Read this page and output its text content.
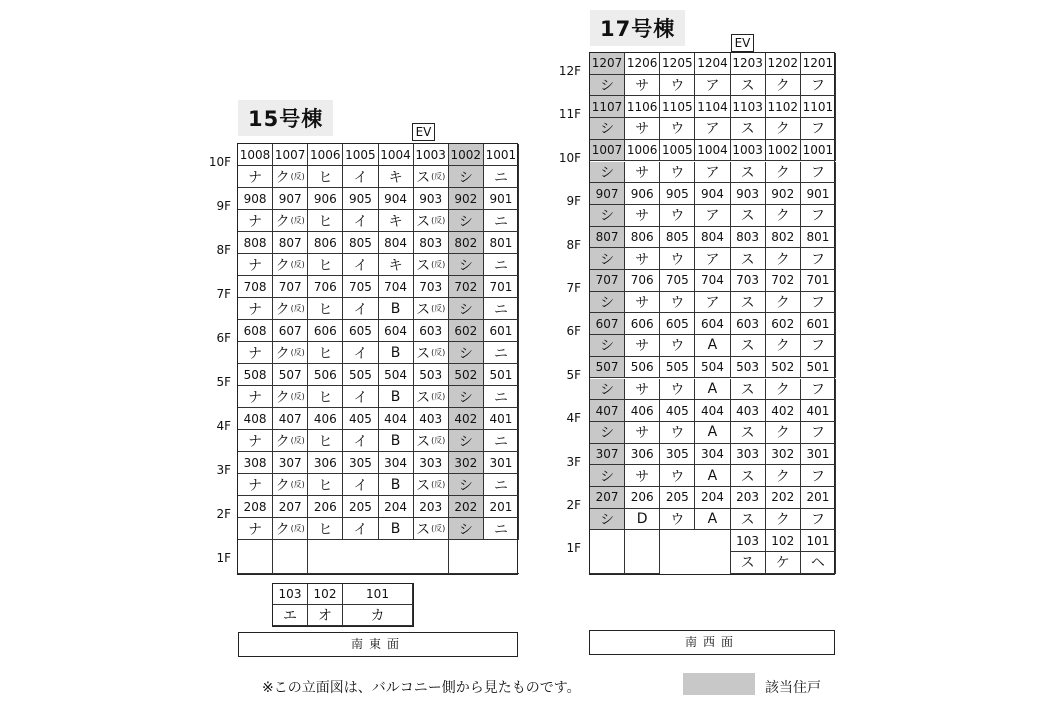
15号棟
EV
1008
ナ
1007
ク (反)
1006
ヒ
1005
イ
1004
キ
1003
ス (反)
1002
シ
1001
ニ
908
ナ
907
ク (反)
906
ヒ
905
イ
904
キ
903
ス (反)
902
シ
901
ニ
808
ナ
807
ク (反)
806
ヒ
805
イ
804
キ
803
ス (反)
802
シ
801
ニ
708
ナ
707
ク (反)
706
ヒ
705
イ
704
B
703
ス (反)
702
シ
701
ニ
608
ナ
607
ク (反)
606
ヒ
605
イ
604
B
603
ス (反)
602
シ
601
ニ
508
ナ
507
ク (反)
506
ヒ
505
イ
504
B
503
ス (反)
502
シ
501
ニ
408
ナ
407
ク (反)
406
ヒ
405
イ
404
B
403
ス (反)
402
シ
401
ニ
308
ナ
307
ク (反)
306
ヒ
305
イ
304
B
303
ス (反)
302
シ
301
ニ
208
ナ
207
ク (反)
206
ヒ
205
イ
204
B
203
ス (反)
202
シ
201
ニ
南東面
17号棟
EV
1207
シ
1206
サ
1205
ウ
1204
ア
1203
ス
1202
ク
1201
フ
1107
シ
1106
サ
1105
ウ
1104
ア
1103
ス
1102
ク
1101
フ
1007
シ
1006
サ
1005
ウ
1004
ア
1003
ス
1002
ク
1001
フ
907
シ
906
サ
905
ウ
904
ア
903
ス
902
ク
901
フ
807
シ
806
サ
805
ウ
804
ア
803
ス
802
ク
801
フ
707
シ
706
サ
705
ウ
704
ア
703
ス
702
ク
701
フ
607
シ
606
サ
605
ウ
604
A
603
ス
602
ク
601
フ
507
シ
506
サ
505
ウ
504
A
503
ス
502
ク
501
フ
407
シ
406
サ
405
ウ
404
A
403
ス
402
ク
401
フ
307
シ
306
サ
305
ウ
304
A
303
ス
302
ク
301
フ
207
シ
206
D
205
ウ
204
A
203
ス
202
ク
201
フ
103
ス
102
ケ
101
ヘ
南西面
※この立面図は、バルコニー側から見たものです。	該当住戸
10F
9F
8F
7F
6F
5F
4F
3F
2F
1F
103
エ
102
オ
101
カ
12F
11F
10F
9F
8F
7F
6F
5F
4F
3F
2F
1F
